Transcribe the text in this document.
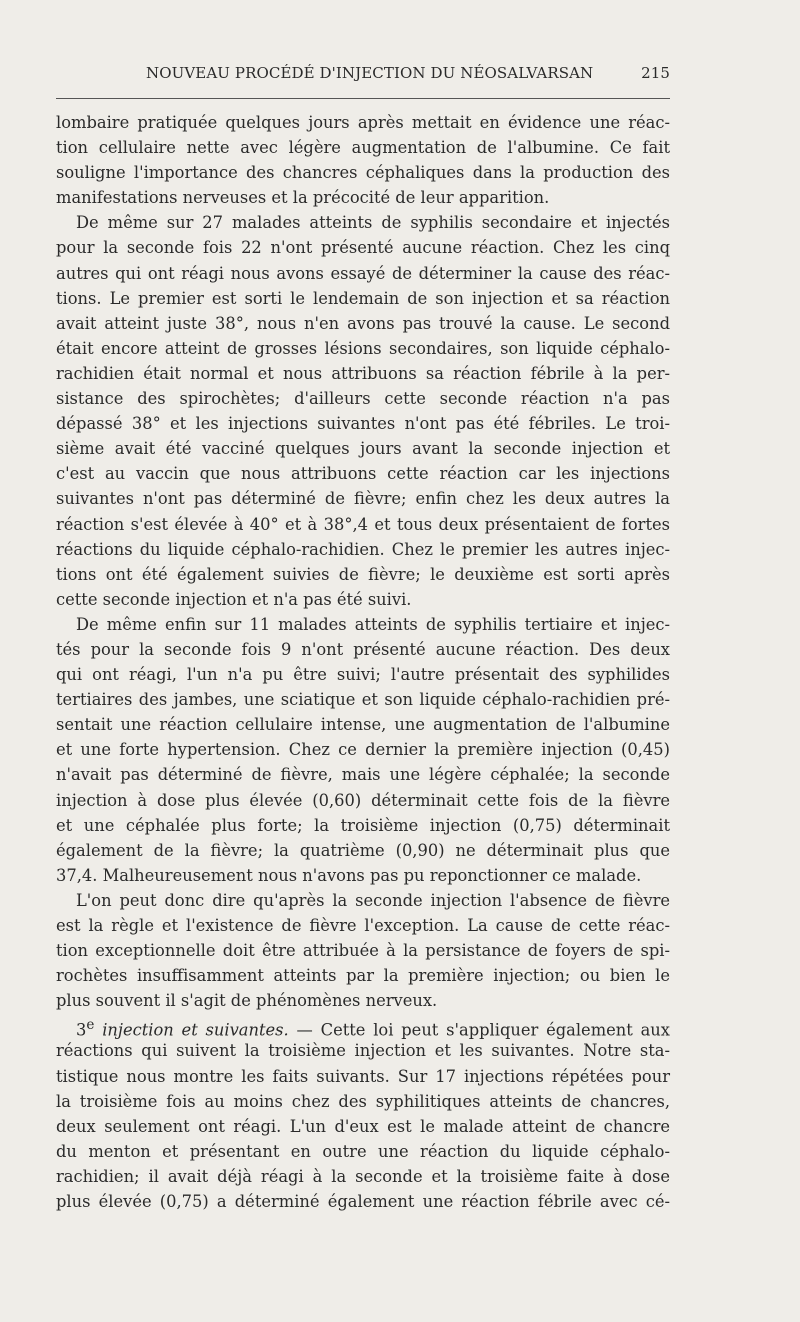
NOUVEAU PROCÉDÉ D'INJECTION DU NÉOSALVARSAN	215
lombaire pratiquée quelques jours après mettait en évidence une réac-
tion cellulaire nette avec légère augmentation de l'albumine. Ce fait
souligne l'importance des chancres céphaliques dans la production des
manifestations nerveuses et la précocité de leur apparition.
De même sur 27 malades atteints de syphilis secondaire et injectés
pour la seconde fois 22 n'ont présenté aucune réaction. Chez les cinq
autres qui ont réagi nous avons essayé de déterminer la cause des réac-
tions. Le premier est sorti le lendemain de son injection et sa réaction
avait atteint juste 38°, nous n'en avons pas trouvé la cause. Le second
était encore atteint de grosses lésions secondaires, son liquide céphalo-
rachidien était normal et nous attribuons sa réaction fébrile à la per-
sistance des spirochètes; d'ailleurs cette seconde réaction n'a pas
dépassé 38° et les injections suivantes n'ont pas été fébriles. Le troi-
sième avait été vacciné quelques jours avant la seconde injection et
c'est au vaccin que nous attribuons cette réaction car les injections
suivantes n'ont pas déterminé de fièvre; enfin chez les deux autres la
réaction s'est élevée à 40° et à 38°,4 et tous deux présentaient de fortes
réactions du liquide céphalo-rachidien. Chez le premier les autres injec-
tions ont été également suivies de fièvre; le deuxième est sorti après
cette seconde injection et n'a pas été suivi.
De même enfin sur 11 malades atteints de syphilis tertiaire et injec-
tés pour la seconde fois 9 n'ont présenté aucune réaction. Des deux
qui ont réagi, l'un n'a pu être suivi; l'autre présentait des syphilides
tertiaires des jambes, une sciatique et son liquide céphalo-rachidien pré-
sentait une réaction cellulaire intense, une augmentation de l'albumine
et une forte hypertension. Chez ce dernier la première injection (0,45)
n'avait pas déterminé de fièvre, mais une légère céphalée; la seconde
injection à dose plus élevée (0,60) déterminait cette fois de la fièvre
et une céphalée plus forte; la troisième injection (0,75) déterminait
également de la fièvre; la quatrième (0,90) ne déterminait plus que
37,4. Malheureusement nous n'avons pas pu reponctionner ce malade.
L'on peut donc dire qu'après la seconde injection l'absence de fièvre
est la règle et l'existence de fièvre l'exception. La cause de cette réac-
tion exceptionnelle doit être attribuée à la persistance de foyers de spi-
rochètes insuffisamment atteints par la première injection; ou bien le
plus souvent il s'agit de phénomènes nerveux.
3e injection et suivantes. — Cette loi peut s'appliquer également aux
réactions qui suivent la troisième injection et les suivantes. Notre sta-
tistique nous montre les faits suivants. Sur 17 injections répétées pour
la troisième fois au moins chez des syphilitiques atteints de chancres,
deux seulement ont réagi. L'un d'eux est le malade atteint de chancre
du menton et présentant en outre une réaction du liquide céphalo-
rachidien; il avait déjà réagi à la seconde et la troisième faite à dose
plus élevée (0,75) a déterminé également une réaction fébrile avec cé-
